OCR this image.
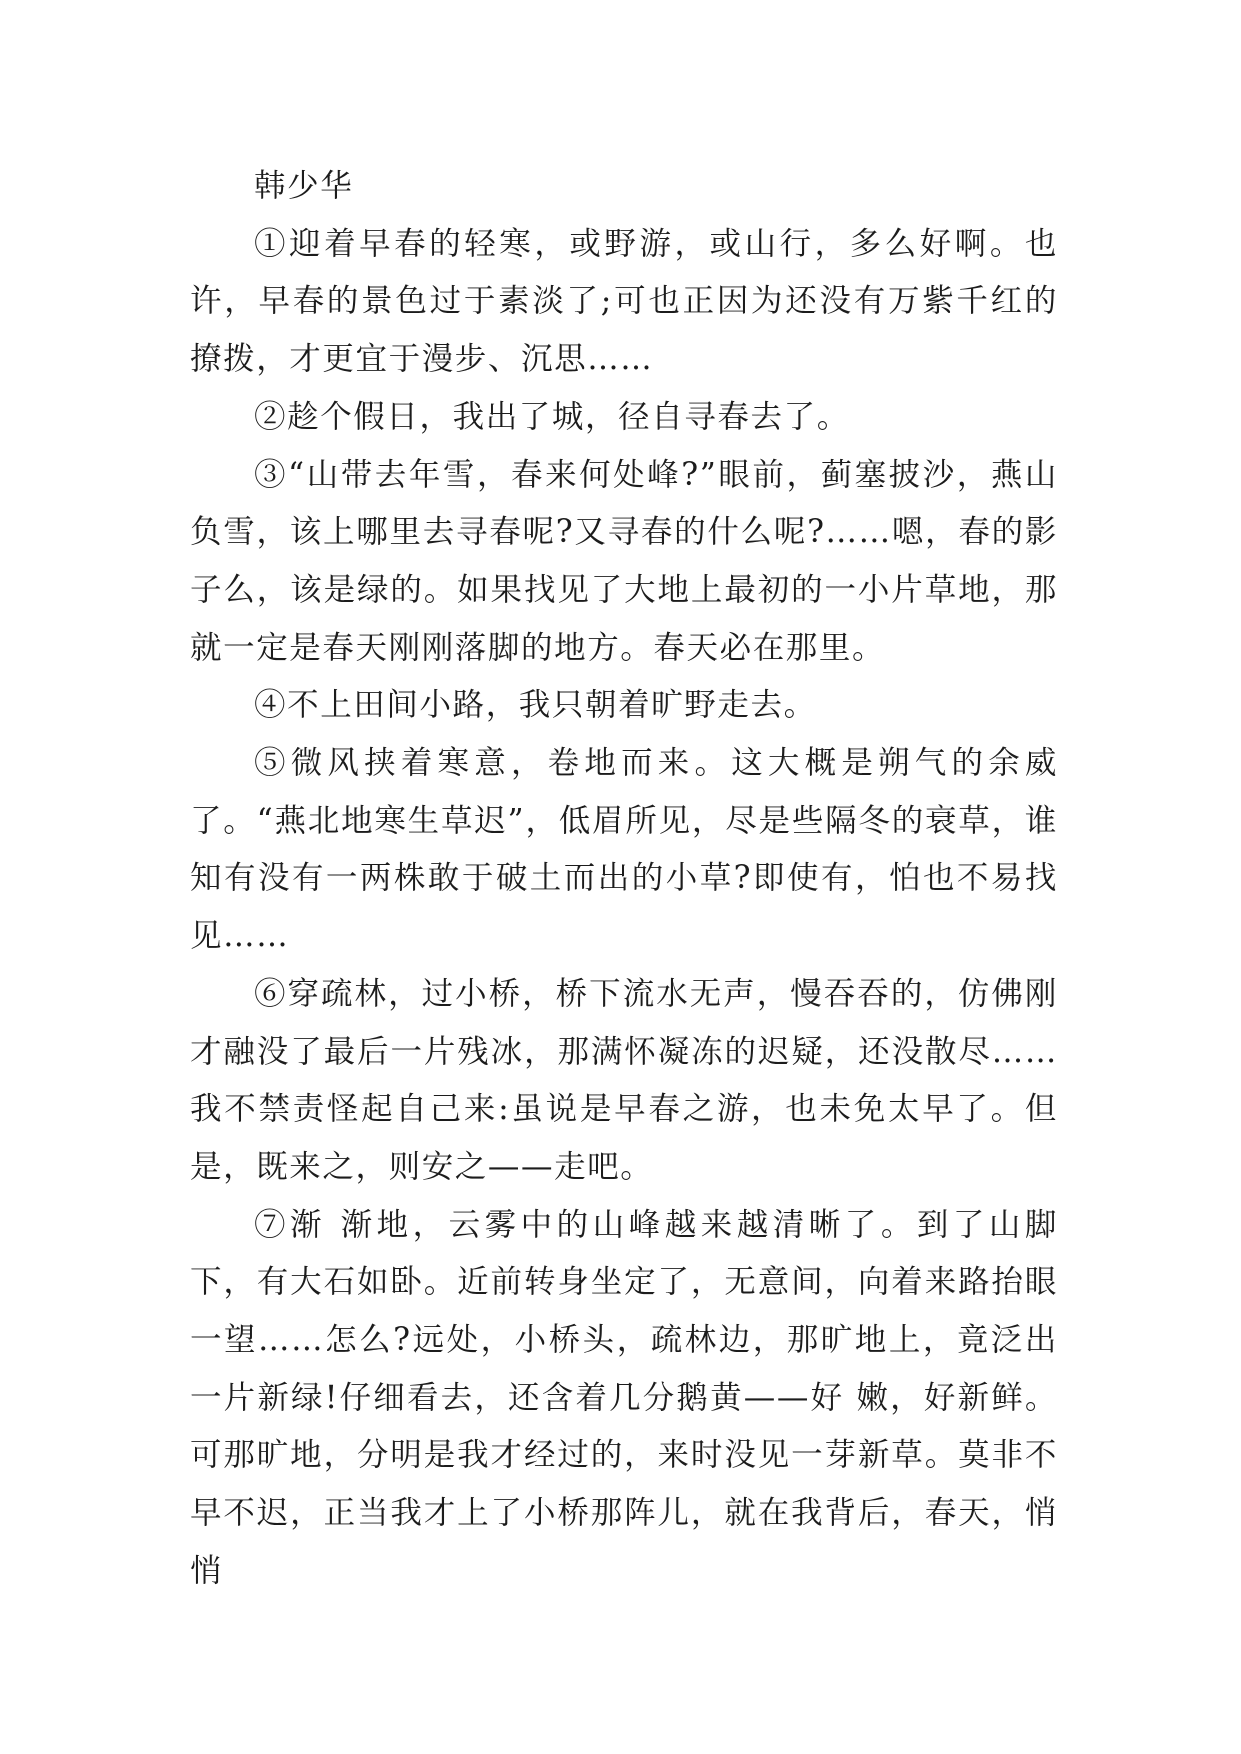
韩少华

①迎着早春的轻寒，或野游，或山行，多么好啊。也许，早春的景色过于素淡了;可也正因为还没有万紫千红的撩拨，才更宜于漫步、沉思……

②趁个假日，我出了城，径自寻春去了。

③“山带去年雪，春来何处峰?”眼前，蓟塞披沙，燕山负雪，该上哪里去寻春呢?又寻春的什么呢?……嗯，春的影子么，该是绿的。如果找见了大地上最初的一小片草地，那就一定是春天刚刚落脚的地方。春天必在那里。

④不上田间小路，我只朝着旷野走去。

⑤微风挟着寒意，卷地而来。这大概是朔气的余威了。“燕北地寒生草迟”，低眉所见，尽是些隔冬的衰草，谁知有没有一两株敢于破土而出的小草?即使有，怕也不易找见……

⑥穿疏林，过小桥，桥下流水无声，慢吞吞的，仿佛刚才融没了最后一片残冰，那满怀凝冻的迟疑，还没散尽……我不禁责怪起自己来:虽说是早春之游，也未免太早了。但是，既来之，则安之——走吧。

⑦渐 渐地，云雾中的山峰越来越清晰了。到了山脚下，有大石如卧。近前转身坐定了，无意间，向着来路抬眼一望……怎么?远处，小桥头，疏林边，那旷地上，竟泛出一片新绿!仔细看去，还含着几分鹅黄——好 嫩，好新鲜。可那旷地，分明是我才经过的，来时没见一芽新草。莫非不早不迟，正当我才上了小桥那阵儿，就在我背后，春天，悄悄
